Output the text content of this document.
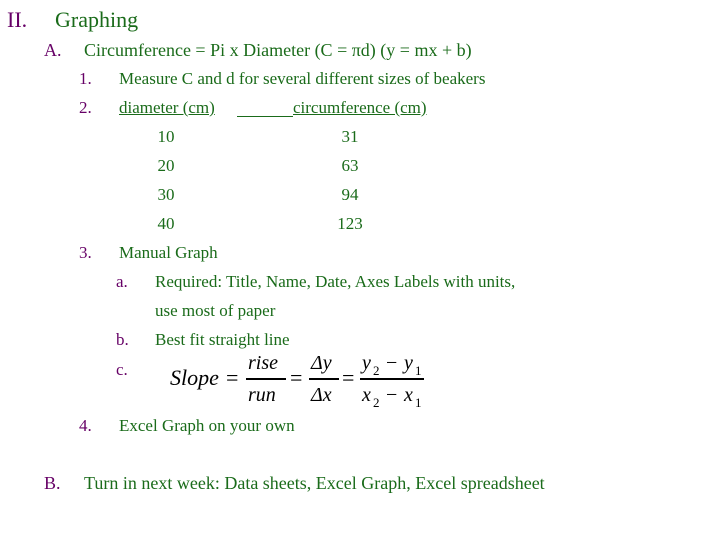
II. Graphing
A. Circumference = Pi x Diameter (C = πd) (y = mx + b)
1. Measure C and d for several different sizes of beakers
2. diameter (cm)	circumference (cm)
10	31
20	63
30	94
40	123
3. Manual Graph
a. Required: Title, Name, Date, Axes Labels with units,
use most of paper
b. Best fit straight line
c. Slope =
rise
run
=
Δy
Δx
=
y 2 − y 1
x 2 − x 1
4. Excel Graph on your own
B. Turn in next week: Data sheets, Excel Graph, Excel spreadsheet
